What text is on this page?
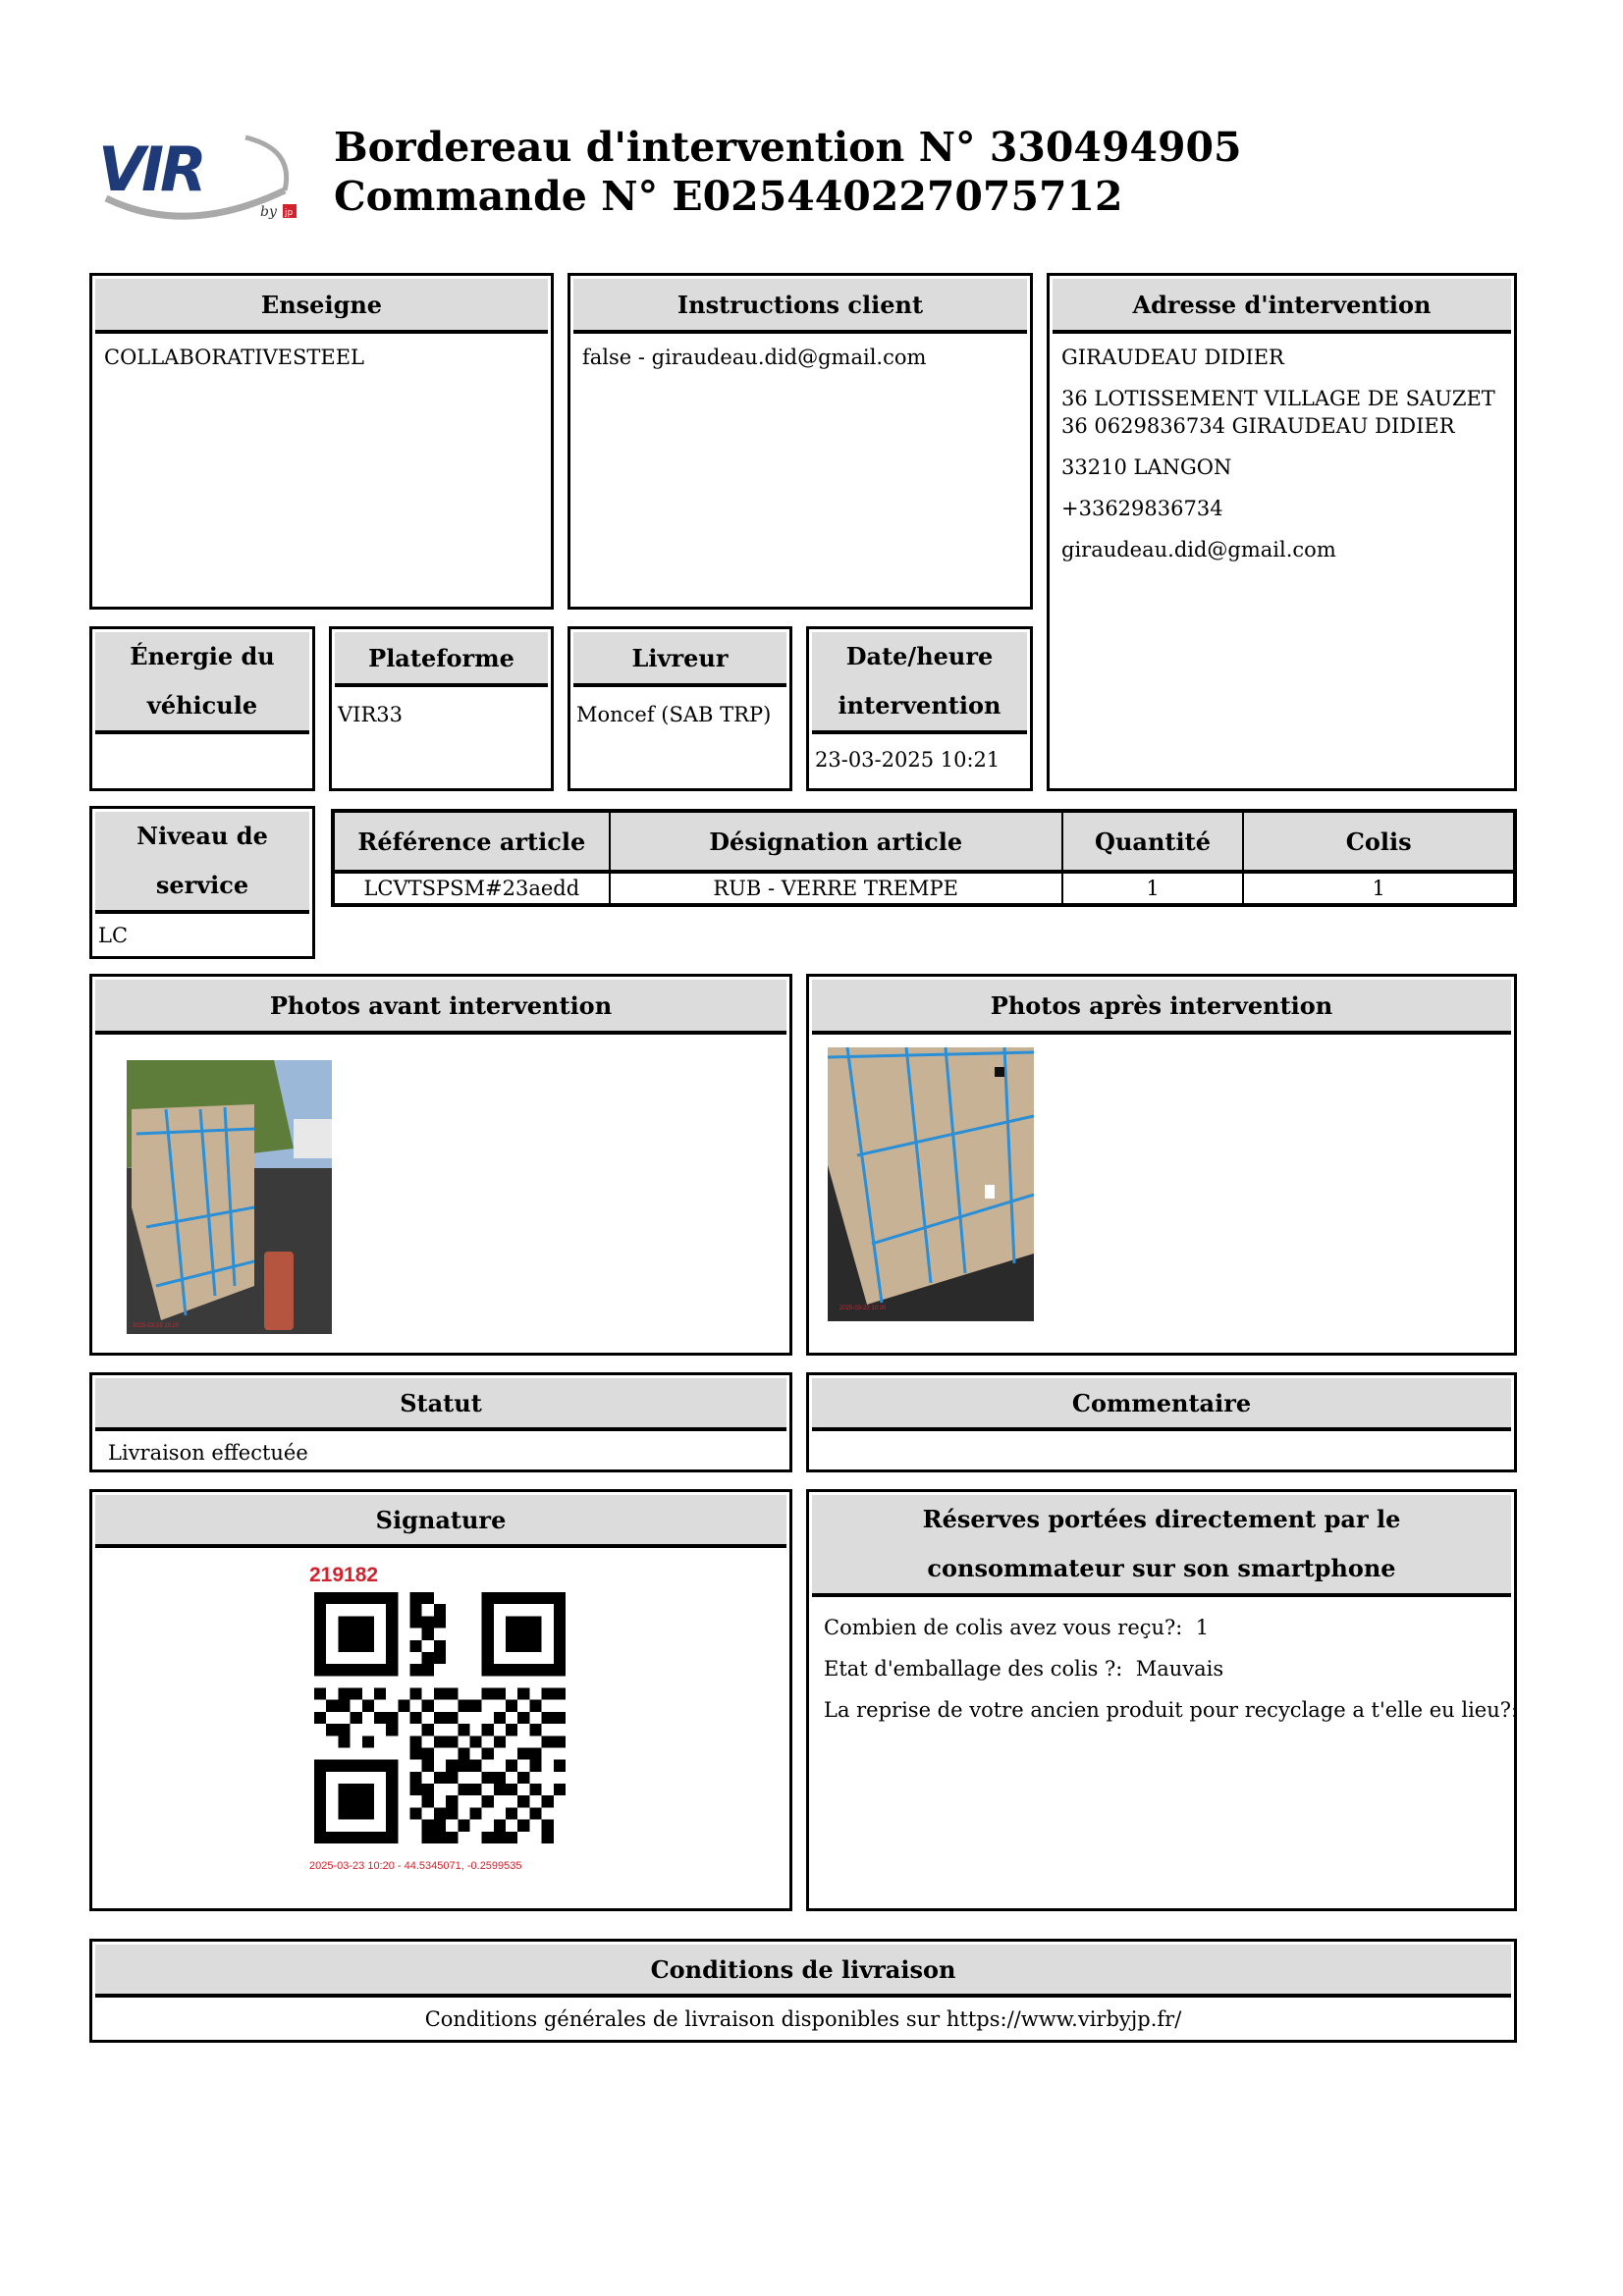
VIR
by jp
Bordereau d'intervention N° 330494905
Commande N° E025440227075712
Enseigne
COLLABORATIVESTEEL
Instructions client
false - giraudeau.did@gmail.com
Adresse d'intervention

GIRAUDEAU DIDIER

36 LOTISSEMENT VILLAGE DE SAUZET 36 0629836734 GIRAUDEAU DIDIER

33210 LANGON

+33629836734

giraudeau.did@gmail.com

Énergie du
véhicule
Plateforme
VIR33
Livreur
Moncef (SAB TRP)
Date/heure
intervention
23-03-2025 10:21
Niveau de
service
LC
Référence article	Désignation article	Quantité	Colis
LCVTSPSM#23aedd	RUB - VERRE TREMPE	1	1
Photos avant intervention
2025-03-23 10:20
Photos après intervention
2025-03-23 10:20
Statut
Livraison effectuée
Commentaire
Signature
219182
2025-03-23 10:20 - 44.5345071, -0.2599535
Réserves portées directement par le
consommateur sur son smartphone
Combien de colis avez vous reçu?: 1
Etat d'emballage des colis ?: Mauvais
La reprise de votre ancien produit pour recyclage a t'elle eu lieu?:
Conditions de livraison
Conditions générales de livraison disponibles sur https://www.virbyjp.fr/
